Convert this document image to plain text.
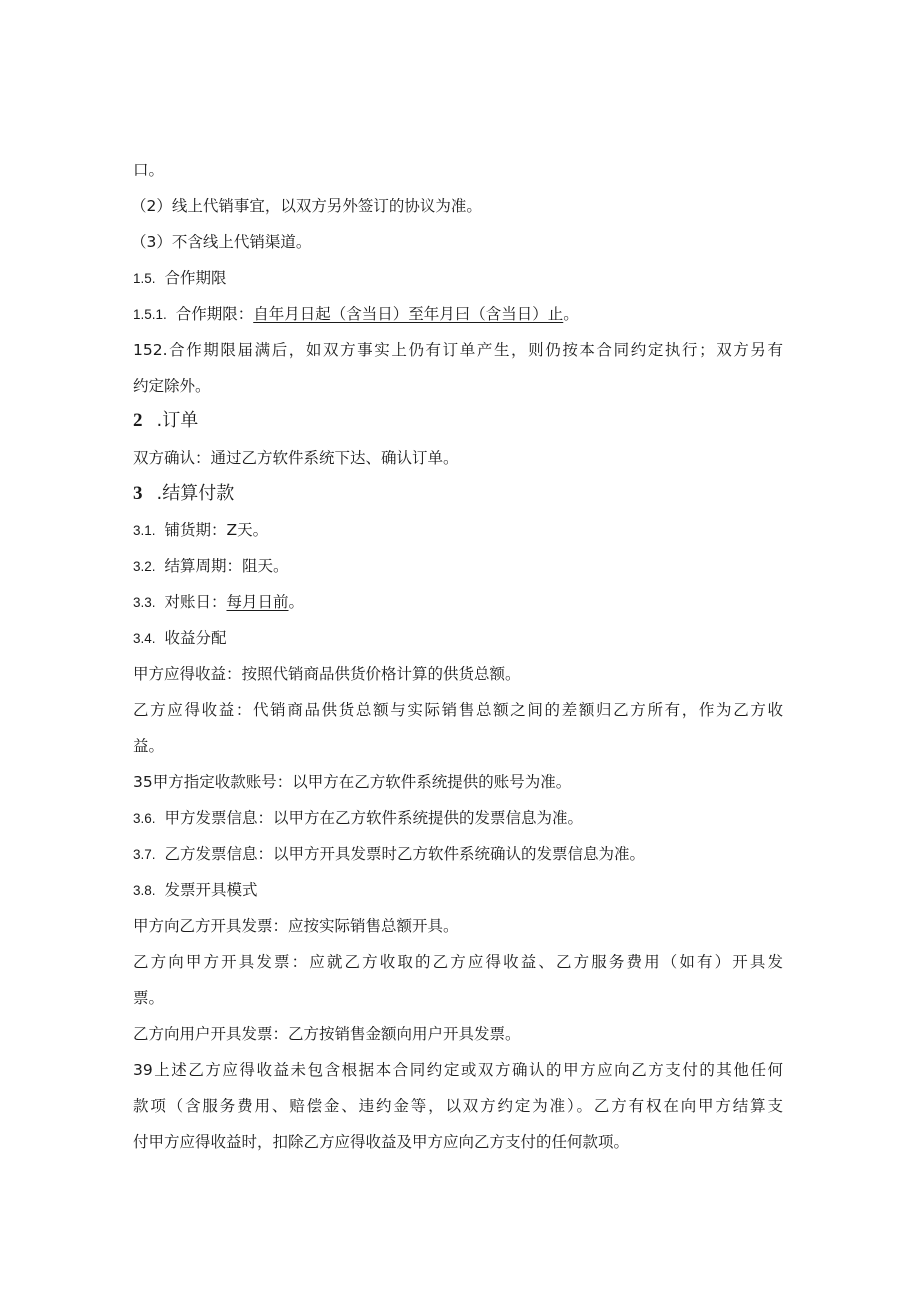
口。
（2）线上代销事宜，以双方另外签订的协议为准。
（3）不含线上代销渠道。
1.5. 合作期限
1.5.1. 合作期限：自年月日起（含当日）至年月曰（含当日）止。
152.合作期限届满后，如双方事实上仍有订单产生，则仍按本合同约定执行；双方另有
约定除外。
2 .订单
双方确认：通过乙方软件系统下达、确认订单。
3 .结算付款
3.1. 铺货期：Z天。
3.2. 结算周期：阻天。
3.3. 对账日：每月日前。
3.4. 收益分配
甲方应得收益：按照代销商品供货价格计算的供货总额。
乙方应得收益：代销商品供货总额与实际销售总额之间的差额归乙方所有，作为乙方收
益。
35甲方指定收款账号：以甲方在乙方软件系统提供的账号为准。
3.6. 甲方发票信息：以甲方在乙方软件系统提供的发票信息为准。
3.7. 乙方发票信息：以甲方开具发票时乙方软件系统确认的发票信息为准。
3.8. 发票开具模式
甲方向乙方开具发票：应按实际销售总额开具。
乙方向甲方开具发票：应就乙方收取的乙方应得收益、乙方服务费用（如有）开具发
票。
乙方向用户开具发票：乙方按销售金额向用户开具发票。
39上述乙方应得收益未包含根据本合同约定或双方确认的甲方应向乙方支付的其他任何
款项（含服务费用、赔偿金、违约金等，以双方约定为准）。乙方有权在向甲方结算支
付甲方应得收益时，扣除乙方应得收益及甲方应向乙方支付的任何款项。
